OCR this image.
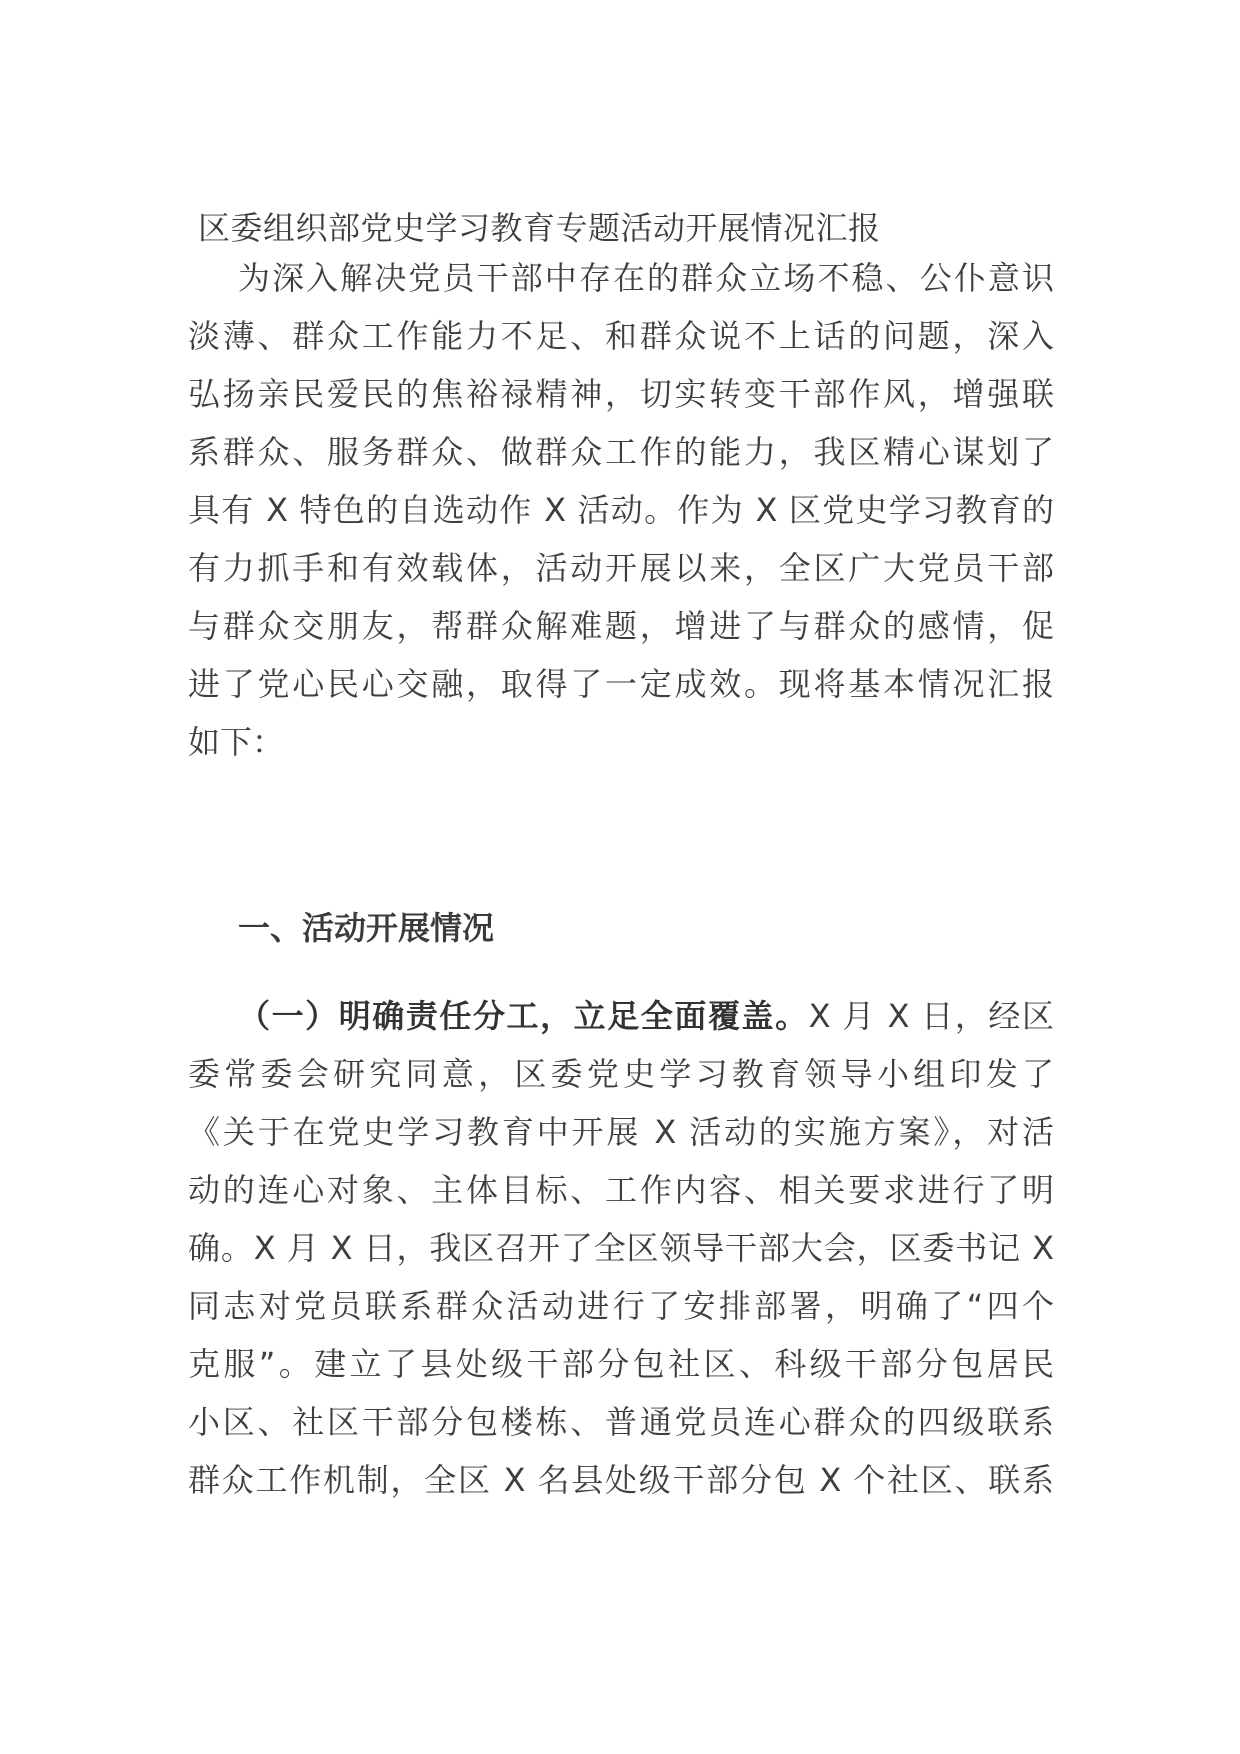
区委组织部党史学习教育专题活动开展情况汇报
为深入解决党员干部中存在的群众立场不稳、公仆意识
淡薄、群众工作能力不足、和群众说不上话的问题，深入
弘扬亲民爱民的焦裕禄精神，切实转变干部作风，增强联
系群众、服务群众、做群众工作的能力，我区精心谋划了
具有 X 特色的自选动作 X 活动。作为 X 区党史学习教育的
有力抓手和有效载体，活动开展以来，全区广大党员干部
与群众交朋友，帮群众解难题，增进了与群众的感情，促
进了党心民心交融，取得了一定成效。现将基本情况汇报
如下：
一、活动开展情况
（一）明确责任分工，立足全面覆盖。X 月 X 日，经区
委常委会研究同意，区委党史学习教育领导小组印发了
《关于在党史学习教育中开展 X 活动的实施方案》，对活
动的连心对象、主体目标、工作内容、相关要求进行了明
确。X 月 X 日，我区召开了全区领导干部大会，区委书记 X
同志对党员联系群众活动进行了安排部署，明确了“四个
克服”。建立了县处级干部分包社区、科级干部分包居民
小区、社区干部分包楼栋、普通党员连心群众的四级联系
群众工作机制，全区 X 名县处级干部分包 X 个社区、联系
